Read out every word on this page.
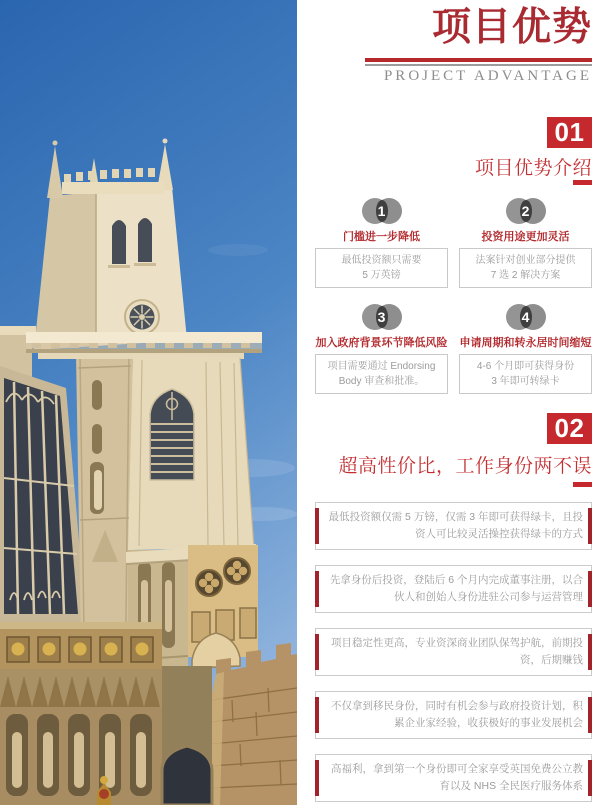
项目优势
PROJECT ADVANTAGE
01
项目优势介绍
1
门槛进一步降低
最低投资额只需要
5 万英镑
2
投资用途更加灵活
法案针对创业部分提供
7 选 2 解决方案
3
加入政府背景环节降低风险
项目需要通过 Endorsing
Body 审查和批准。
4
申请周期和转永居时间缩短
4-6 个月即可获得身份
3 年即可转绿卡
02
超高性价比，工作身份两不误
最低投资额仅需 5 万镑，仅需 3 年即可获得绿卡，且投资人可比较灵活操控获得绿卡的方式
先拿身份后投资，登陆后 6 个月内完成董事注册，以合伙人和创始人身份进驻公司参与运营管理
项目稳定性更高，专业资深商业团队保驾护航，前期投资，后期赚钱
不仅拿到移民身份，同时有机会参与政府投资计划，积累企业家经验，收获极好的事业发展机会
高福利，拿到第一个身份即可全家享受英国免费公立教育以及 NHS 全民医疗服务体系
